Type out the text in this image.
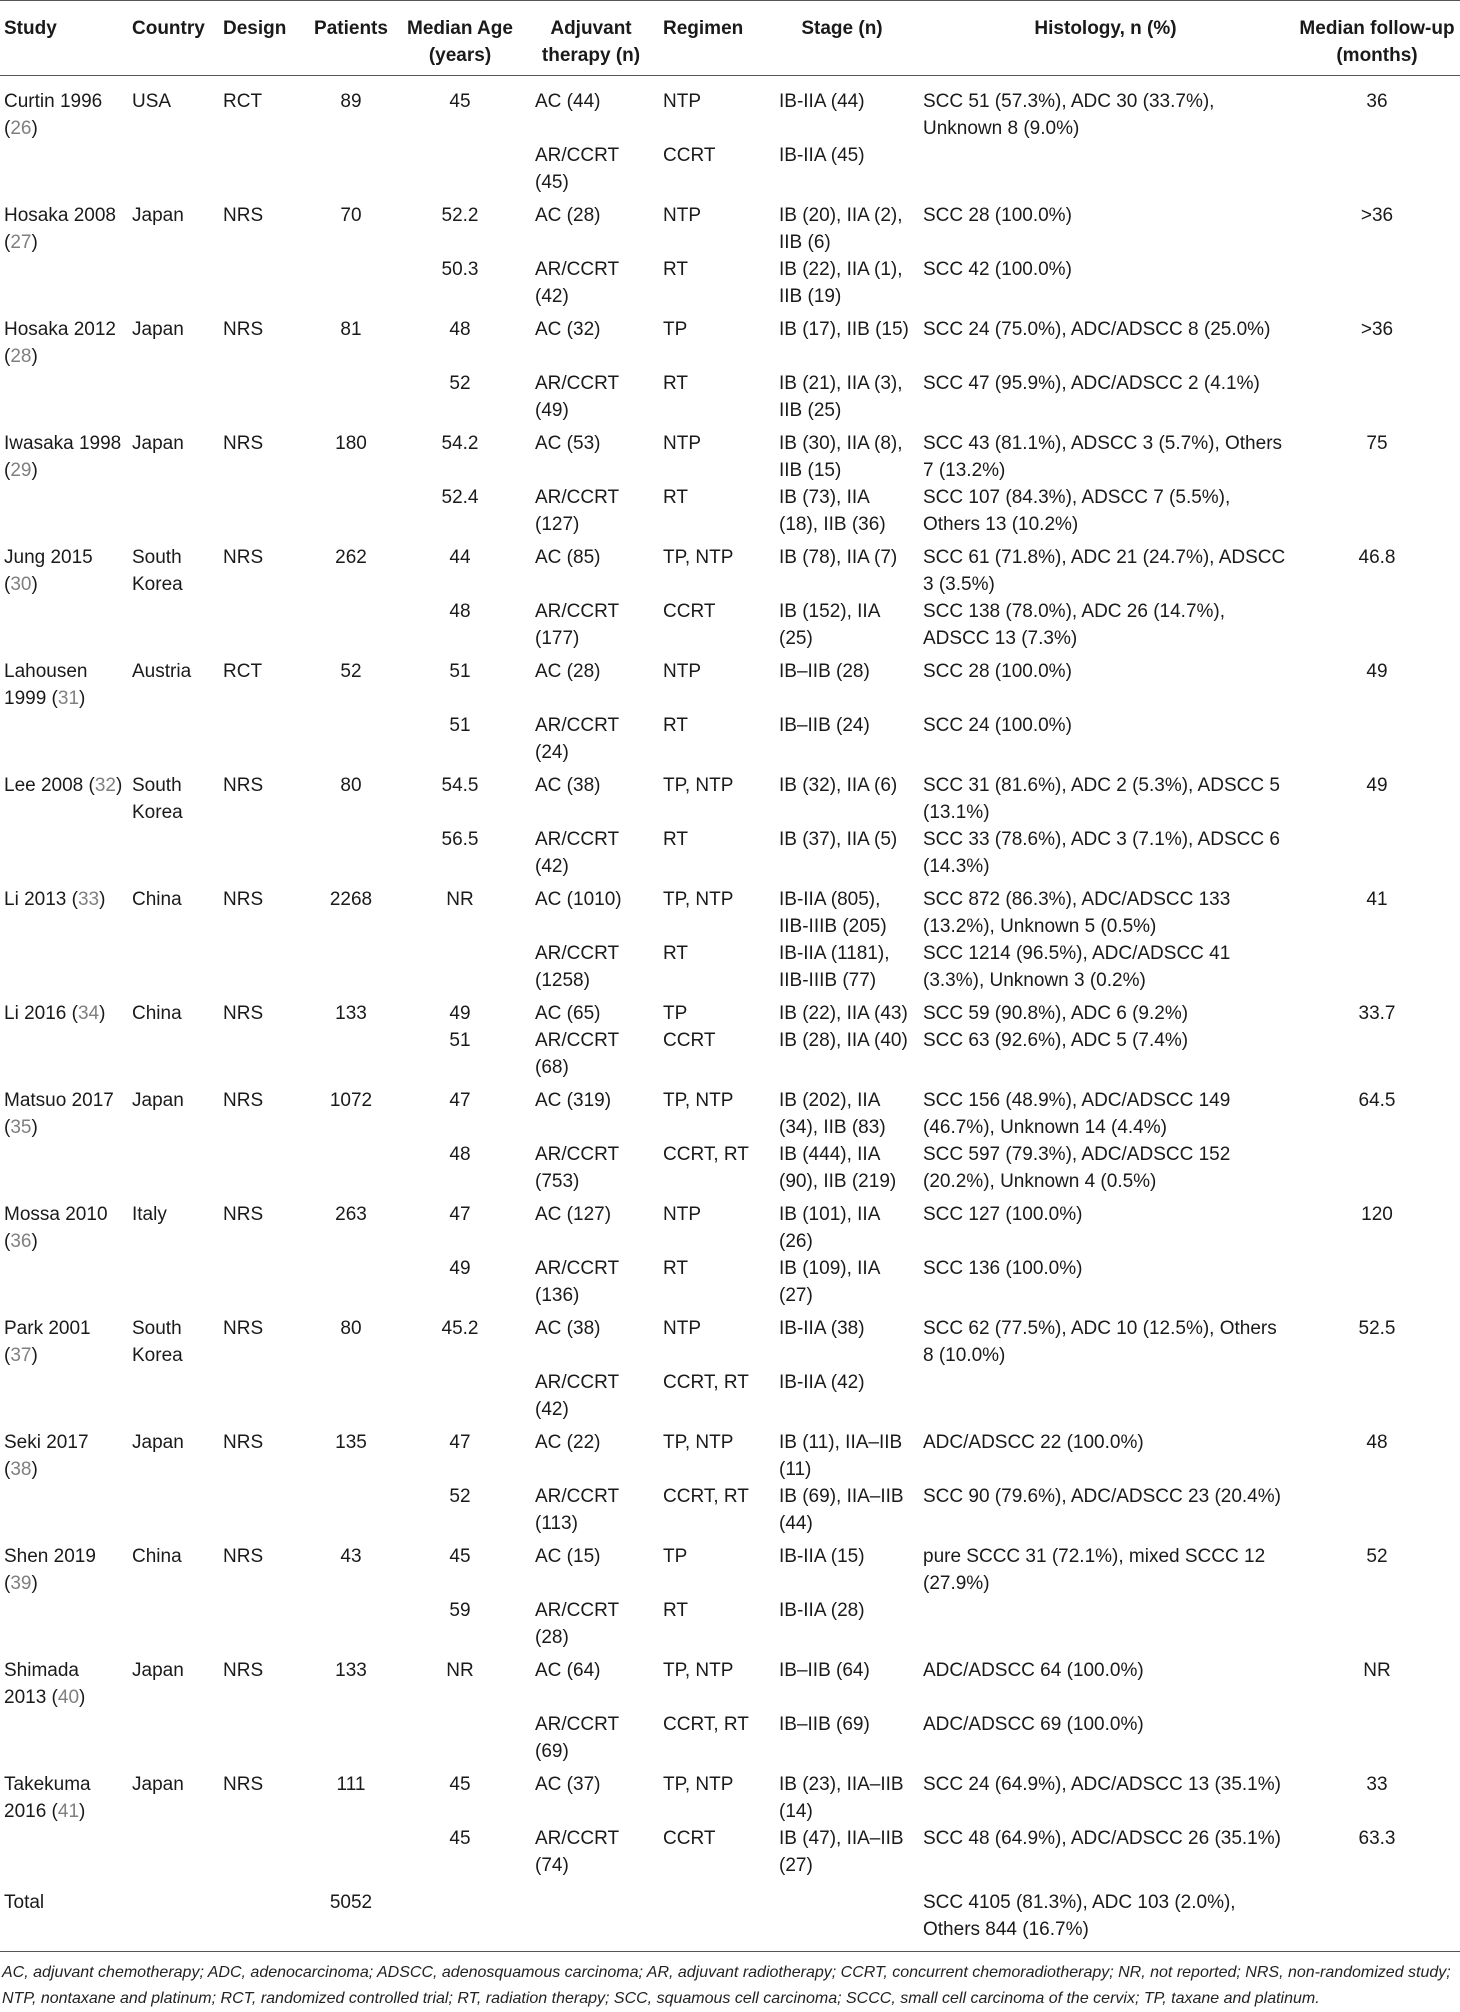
Study	Country	Design	Patients	Median Age (years)	Adjuvant therapy (n)	Regimen	Stage (n)	Histology, n (%)	Median follow-up (months)
Curtin 1996 (26)	USA	RCT	89	45	AC (44)	NTP	IB-IIA (44)	SCC 51 (57.3%), ADC 30 (33.7%), Unknown 8 (9.0%)	36
					AR/CCRT (45)	CCRT	IB-IIA (45)		
Hosaka 2008 (27)	Japan	NRS	70	52.2	AC (28)	NTP	IB (20), IIA (2), IIB (6)	SCC 28 (100.0%)	>36
				50.3	AR/CCRT (42)	RT	IB (22), IIA (1), IIB (19)	SCC 42 (100.0%)	
Hosaka 2012 (28)	Japan	NRS	81	48	AC (32)	TP	IB (17), IIB (15)	SCC 24 (75.0%), ADC/ADSCC 8 (25.0%)	>36
				52	AR/CCRT (49)	RT	IB (21), IIA (3), IIB (25)	SCC 47 (95.9%), ADC/ADSCC 2 (4.1%)	
Iwasaka 1998 (29)	Japan	NRS	180	54.2	AC (53)	NTP	IB (30), IIA (8), IIB (15)	SCC 43 (81.1%), ADSCC 3 (5.7%), Others 7 (13.2%)	75
				52.4	AR/CCRT (127)	RT	IB (73), IIA (18), IIB (36)	SCC 107 (84.3%), ADSCC 7 (5.5%), Others 13 (10.2%)	
Jung 2015 (30)	South Korea	NRS	262	44	AC (85)	TP, NTP	IB (78), IIA (7)	SCC 61 (71.8%), ADC 21 (24.7%), ADSCC 3 (3.5%)	46.8
				48	AR/CCRT (177)	CCRT	IB (152), IIA (25)	SCC 138 (78.0%), ADC 26 (14.7%), ADSCC 13 (7.3%)	
Lahousen 1999 (31)	Austria	RCT	52	51	AC (28)	NTP	IB–IIB (28)	SCC 28 (100.0%)	49
				51	AR/CCRT (24)	RT	IB–IIB (24)	SCC 24 (100.0%)	
Lee 2008 (32)	South Korea	NRS	80	54.5	AC (38)	TP, NTP	IB (32), IIA (6)	SCC 31 (81.6%), ADC 2 (5.3%), ADSCC 5 (13.1%)	49
				56.5	AR/CCRT (42)	RT	IB (37), IIA (5)	SCC 33 (78.6%), ADC 3 (7.1%), ADSCC 6 (14.3%)	
Li 2013 (33)	China	NRS	2268	NR	AC (1010)	TP, NTP	IB-IIA (805), IIB-IIIB (205)	SCC 872 (86.3%), ADC/ADSCC 133 (13.2%), Unknown 5 (0.5%)	41
					AR/CCRT (1258)	RT	IB-IIA (1181), IIB-IIIB (77)	SCC 1214 (96.5%), ADC/ADSCC 41 (3.3%), Unknown 3 (0.2%)	
Li 2016 (34)	China	NRS	133	49	AC (65)	TP	IB (22), IIA (43)	SCC 59 (90.8%), ADC 6 (9.2%)	33.7
				51	AR/CCRT (68)	CCRT	IB (28), IIA (40)	SCC 63 (92.6%), ADC 5 (7.4%)	
Matsuo 2017 (35)	Japan	NRS	1072	47	AC (319)	TP, NTP	IB (202), IIA (34), IIB (83)	SCC 156 (48.9%), ADC/ADSCC 149 (46.7%), Unknown 14 (4.4%)	64.5
				48	AR/CCRT (753)	CCRT, RT	IB (444), IIA (90), IIB (219)	SCC 597 (79.3%), ADC/ADSCC 152 (20.2%), Unknown 4 (0.5%)	
Mossa 2010 (36)	Italy	NRS	263	47	AC (127)	NTP	IB (101), IIA (26)	SCC 127 (100.0%)	120
				49	AR/CCRT (136)	RT	IB (109), IIA (27)	SCC 136 (100.0%)	
Park 2001 (37)	South Korea	NRS	80	45.2	AC (38)	NTP	IB-IIA (38)	SCC 62 (77.5%), ADC 10 (12.5%), Others 8 (10.0%)	52.5
					AR/CCRT (42)	CCRT, RT	IB-IIA (42)		
Seki 2017 (38)	Japan	NRS	135	47	AC (22)	TP, NTP	IB (11), IIA–IIB (11)	ADC/ADSCC 22 (100.0%)	48
				52	AR/CCRT (113)	CCRT, RT	IB (69), IIA–IIB (44)	SCC 90 (79.6%), ADC/ADSCC 23 (20.4%)	
Shen 2019 (39)	China	NRS	43	45	AC (15)	TP	IB-IIA (15)	pure SCCC 31 (72.1%), mixed SCCC 12 (27.9%)	52
				59	AR/CCRT (28)	RT	IB-IIA (28)		
Shimada 2013 (40)	Japan	NRS	133	NR	AC (64)	TP, NTP	IB–IIB (64)	ADC/ADSCC 64 (100.0%)	NR
					AR/CCRT (69)	CCRT, RT	IB–IIB (69)	ADC/ADSCC 69 (100.0%)	
Takekuma 2016 (41)	Japan	NRS	111	45	AC (37)	TP, NTP	IB (23), IIA–IIB (14)	SCC 24 (64.9%), ADC/ADSCC 13 (35.1%)	33
				45	AR/CCRT (74)	CCRT	IB (47), IIA–IIB (27)	SCC 48 (64.9%), ADC/ADSCC 26 (35.1%)	63.3
Total			5052					SCC 4105 (81.3%), ADC 103 (2.0%), Others 844 (16.7%)	
AC, adjuvant chemotherapy; ADC, adenocarcinoma; ADSCC, adenosquamous carcinoma; AR, adjuvant radiotherapy; CCRT, concurrent chemoradiotherapy; NR, not reported; NRS, non-randomized study; NTP, nontaxane and platinum; RCT, randomized controlled trial; RT, radiation therapy; SCC, squamous cell carcinoma; SCCC, small cell carcinoma of the cervix; TP, taxane and platinum.
